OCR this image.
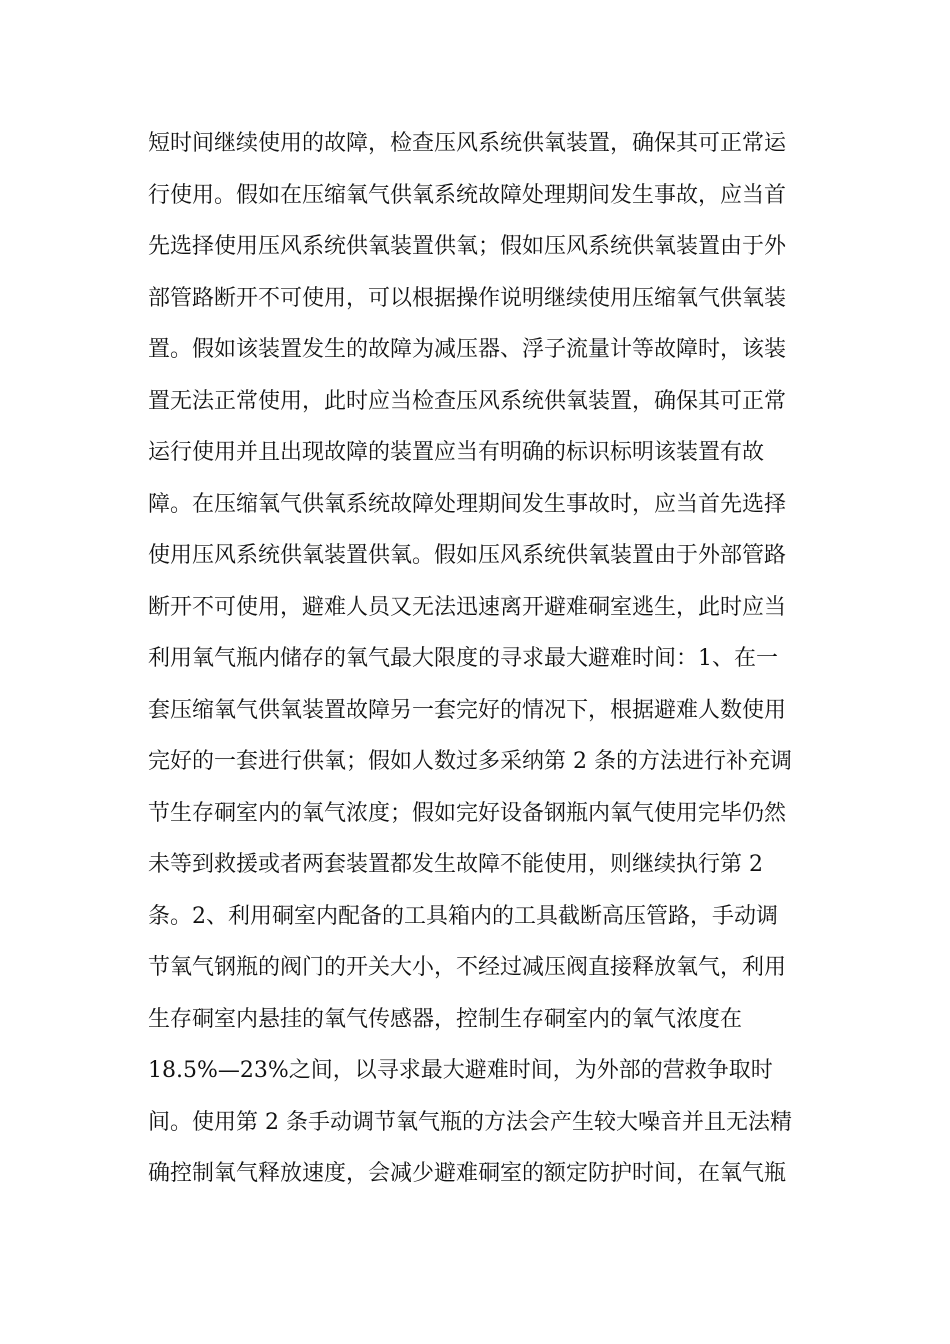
短时间继续使用的故障，检查压风系统供氧装置，确保其可正常运
行使用。假如在压缩氧气供氧系统故障处理期间发生事故，应当首
先选择使用压风系统供氧装置供氧；假如压风系统供氧装置由于外
部管路断开不可使用，可以根据操作说明继续使用压缩氧气供氧装
置。假如该装置发生的故障为减压器、浮子流量计等故障时，该装
置无法正常使用，此时应当检查压风系统供氧装置，确保其可正常
运行使用并且出现故障的装置应当有明确的标识标明该装置有故
障。在压缩氧气供氧系统故障处理期间发生事故时，应当首先选择
使用压风系统供氧装置供氧。假如压风系统供氧装置由于外部管路
断开不可使用，避难人员又无法迅速离开避难硐室逃生，此时应当
利用氧气瓶内储存的氧气最大限度的寻求最大避难时间：1、在一
套压缩氧气供氧装置故障另一套完好的情况下，根据避难人数使用
完好的一套进行供氧；假如人数过多采纳第 2 条的方法进行补充调
节生存硐室内的氧气浓度；假如完好设备钢瓶内氧气使用完毕仍然
未等到救援或者两套装置都发生故障不能使用，则继续执行第 2
条。2、利用硐室内配备的工具箱内的工具截断高压管路，手动调
节氧气钢瓶的阀门的开关大小，不经过减压阀直接释放氧气，利用
生存硐室内悬挂的氧气传感器，控制生存硐室内的氧气浓度在
18.5%—23%之间，以寻求最大避难时间，为外部的营救争取时
间。使用第 2 条手动调节氧气瓶的方法会产生较大噪音并且无法精
确控制氧气释放速度，会减少避难硐室的额定防护时间，在氧气瓶
